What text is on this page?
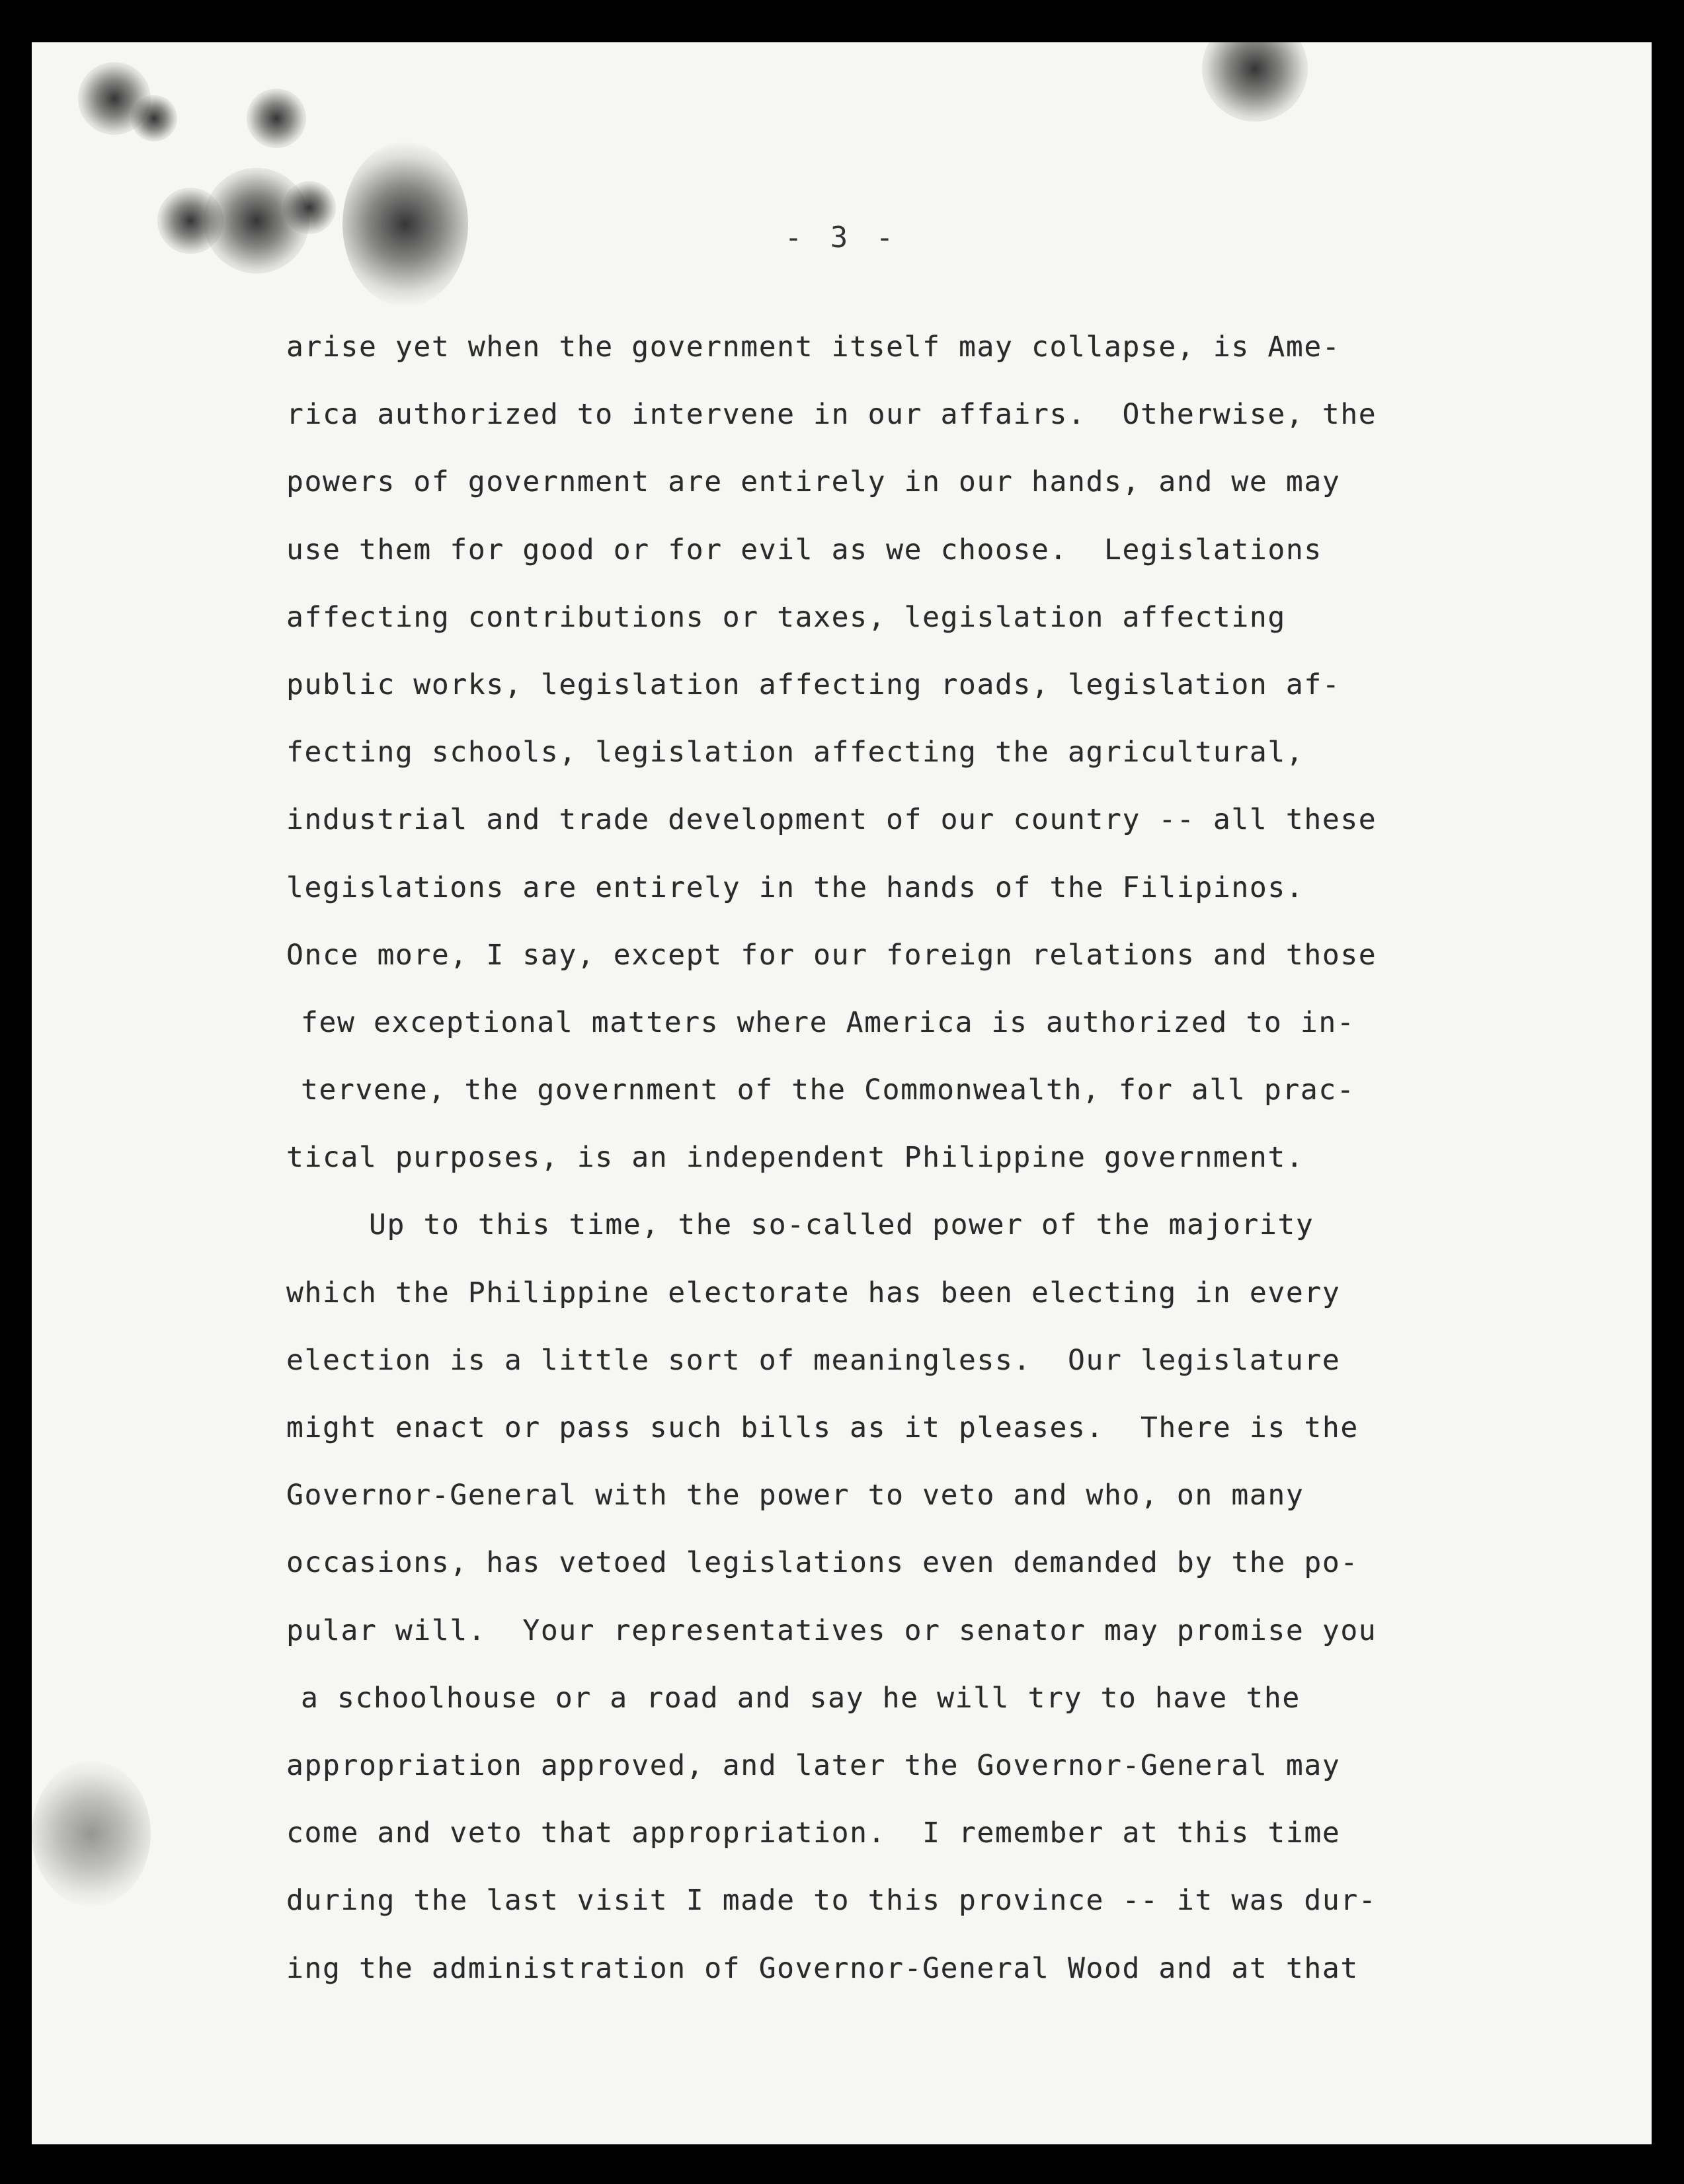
- 3 -
arise yet when the government itself may collapse, is Ame-
rica authorized to intervene in our affairs.  Otherwise, the
powers of government are entirely in our hands, and we may
use them for good or for evil as we choose.  Legislations
affecting contributions or taxes, legislation affecting
public works, legislation affecting roads, legislation af-
fecting schools, legislation affecting the agricultural,
industrial and trade development of our country -- all these
legislations are entirely in the hands of the Filipinos.
Once more, I say, except for our foreign relations and those
few exceptional matters where America is authorized to in-
tervene, the government of the Commonwealth, for all prac-
tical purposes, is an independent Philippine government.
Up to this time, the so-called power of the majority
which the Philippine electorate has been electing in every
election is a little sort of meaningless.  Our legislature
might enact or pass such bills as it pleases.  There is the
Governor-General with the power to veto and who, on many
occasions, has vetoed legislations even demanded by the po-
pular will.  Your representatives or senator may promise you
a schoolhouse or a road and say he will try to have the
appropriation approved, and later the Governor-General may
come and veto that appropriation.  I remember at this time
during the last visit I made to this province -- it was dur-
ing the administration of Governor-General Wood and at that
